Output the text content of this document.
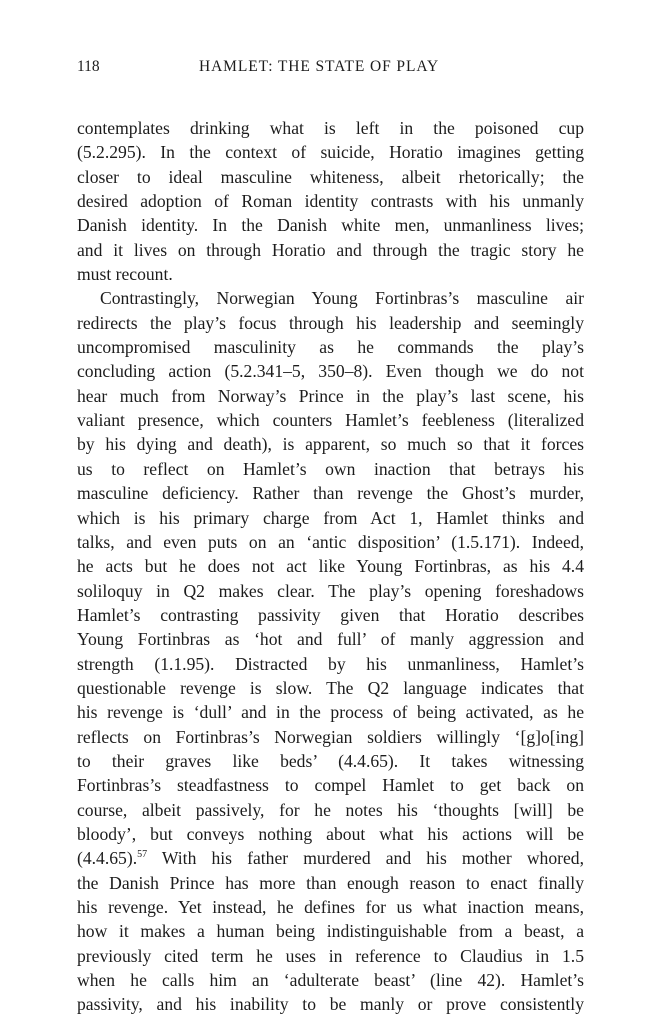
118	HAMLET: THE STATE OF PLAY
contemplates drinking what is left in the poisoned cup
(5.2.295). In the context of suicide, Horatio imagines getting
closer to ideal masculine whiteness, albeit rhetorically; the
desired adoption of Roman identity contrasts with his unmanly
Danish identity. In the Danish white men, unmanliness lives;
and it lives on through Horatio and through the tragic story he
must recount.
Contrastingly, Norwegian Young Fortinbras’s masculine air
redirects the play’s focus through his leadership and seemingly
uncompromised masculinity as he commands the play’s
concluding action (5.2.341–5, 350–8). Even though we do not
hear much from Norway’s Prince in the play’s last scene, his
valiant presence, which counters Hamlet’s feebleness (literalized
by his dying and death), is apparent, so much so that it forces
us to reflect on Hamlet’s own inaction that betrays his
masculine deficiency. Rather than revenge the Ghost’s murder,
which is his primary charge from Act 1, Hamlet thinks and
talks, and even puts on an ‘antic disposition’ (1.5.171). Indeed,
he acts but he does not act like Young Fortinbras, as his 4.4
soliloquy in Q2 makes clear. The play’s opening foreshadows
Hamlet’s contrasting passivity given that Horatio describes
Young Fortinbras as ‘hot and full’ of manly aggression and
strength (1.1.95). Distracted by his unmanliness, Hamlet’s
questionable revenge is slow. The Q2 language indicates that
his revenge is ‘dull’ and in the process of being activated, as he
reflects on Fortinbras’s Norwegian soldiers willingly ‘[g]o[ing]
to their graves like beds’ (4.4.65). It takes witnessing
Fortinbras’s steadfastness to compel Hamlet to get back on
course, albeit passively, for he notes his ‘thoughts [will] be
bloody’, but conveys nothing about what his actions will be
(4.4.65).$^{57}$ With his father murdered and his mother whored,
the Danish Prince has more than enough reason to enact finally
his revenge. Yet instead, he defines for us what inaction means,
how it makes a human being indistinguishable from a beast, a
previously cited term he uses in reference to Claudius in 1.5
when he calls him an ‘adulterate beast’ (line 42). Hamlet’s
passivity, and his inability to be manly or prove consistently
